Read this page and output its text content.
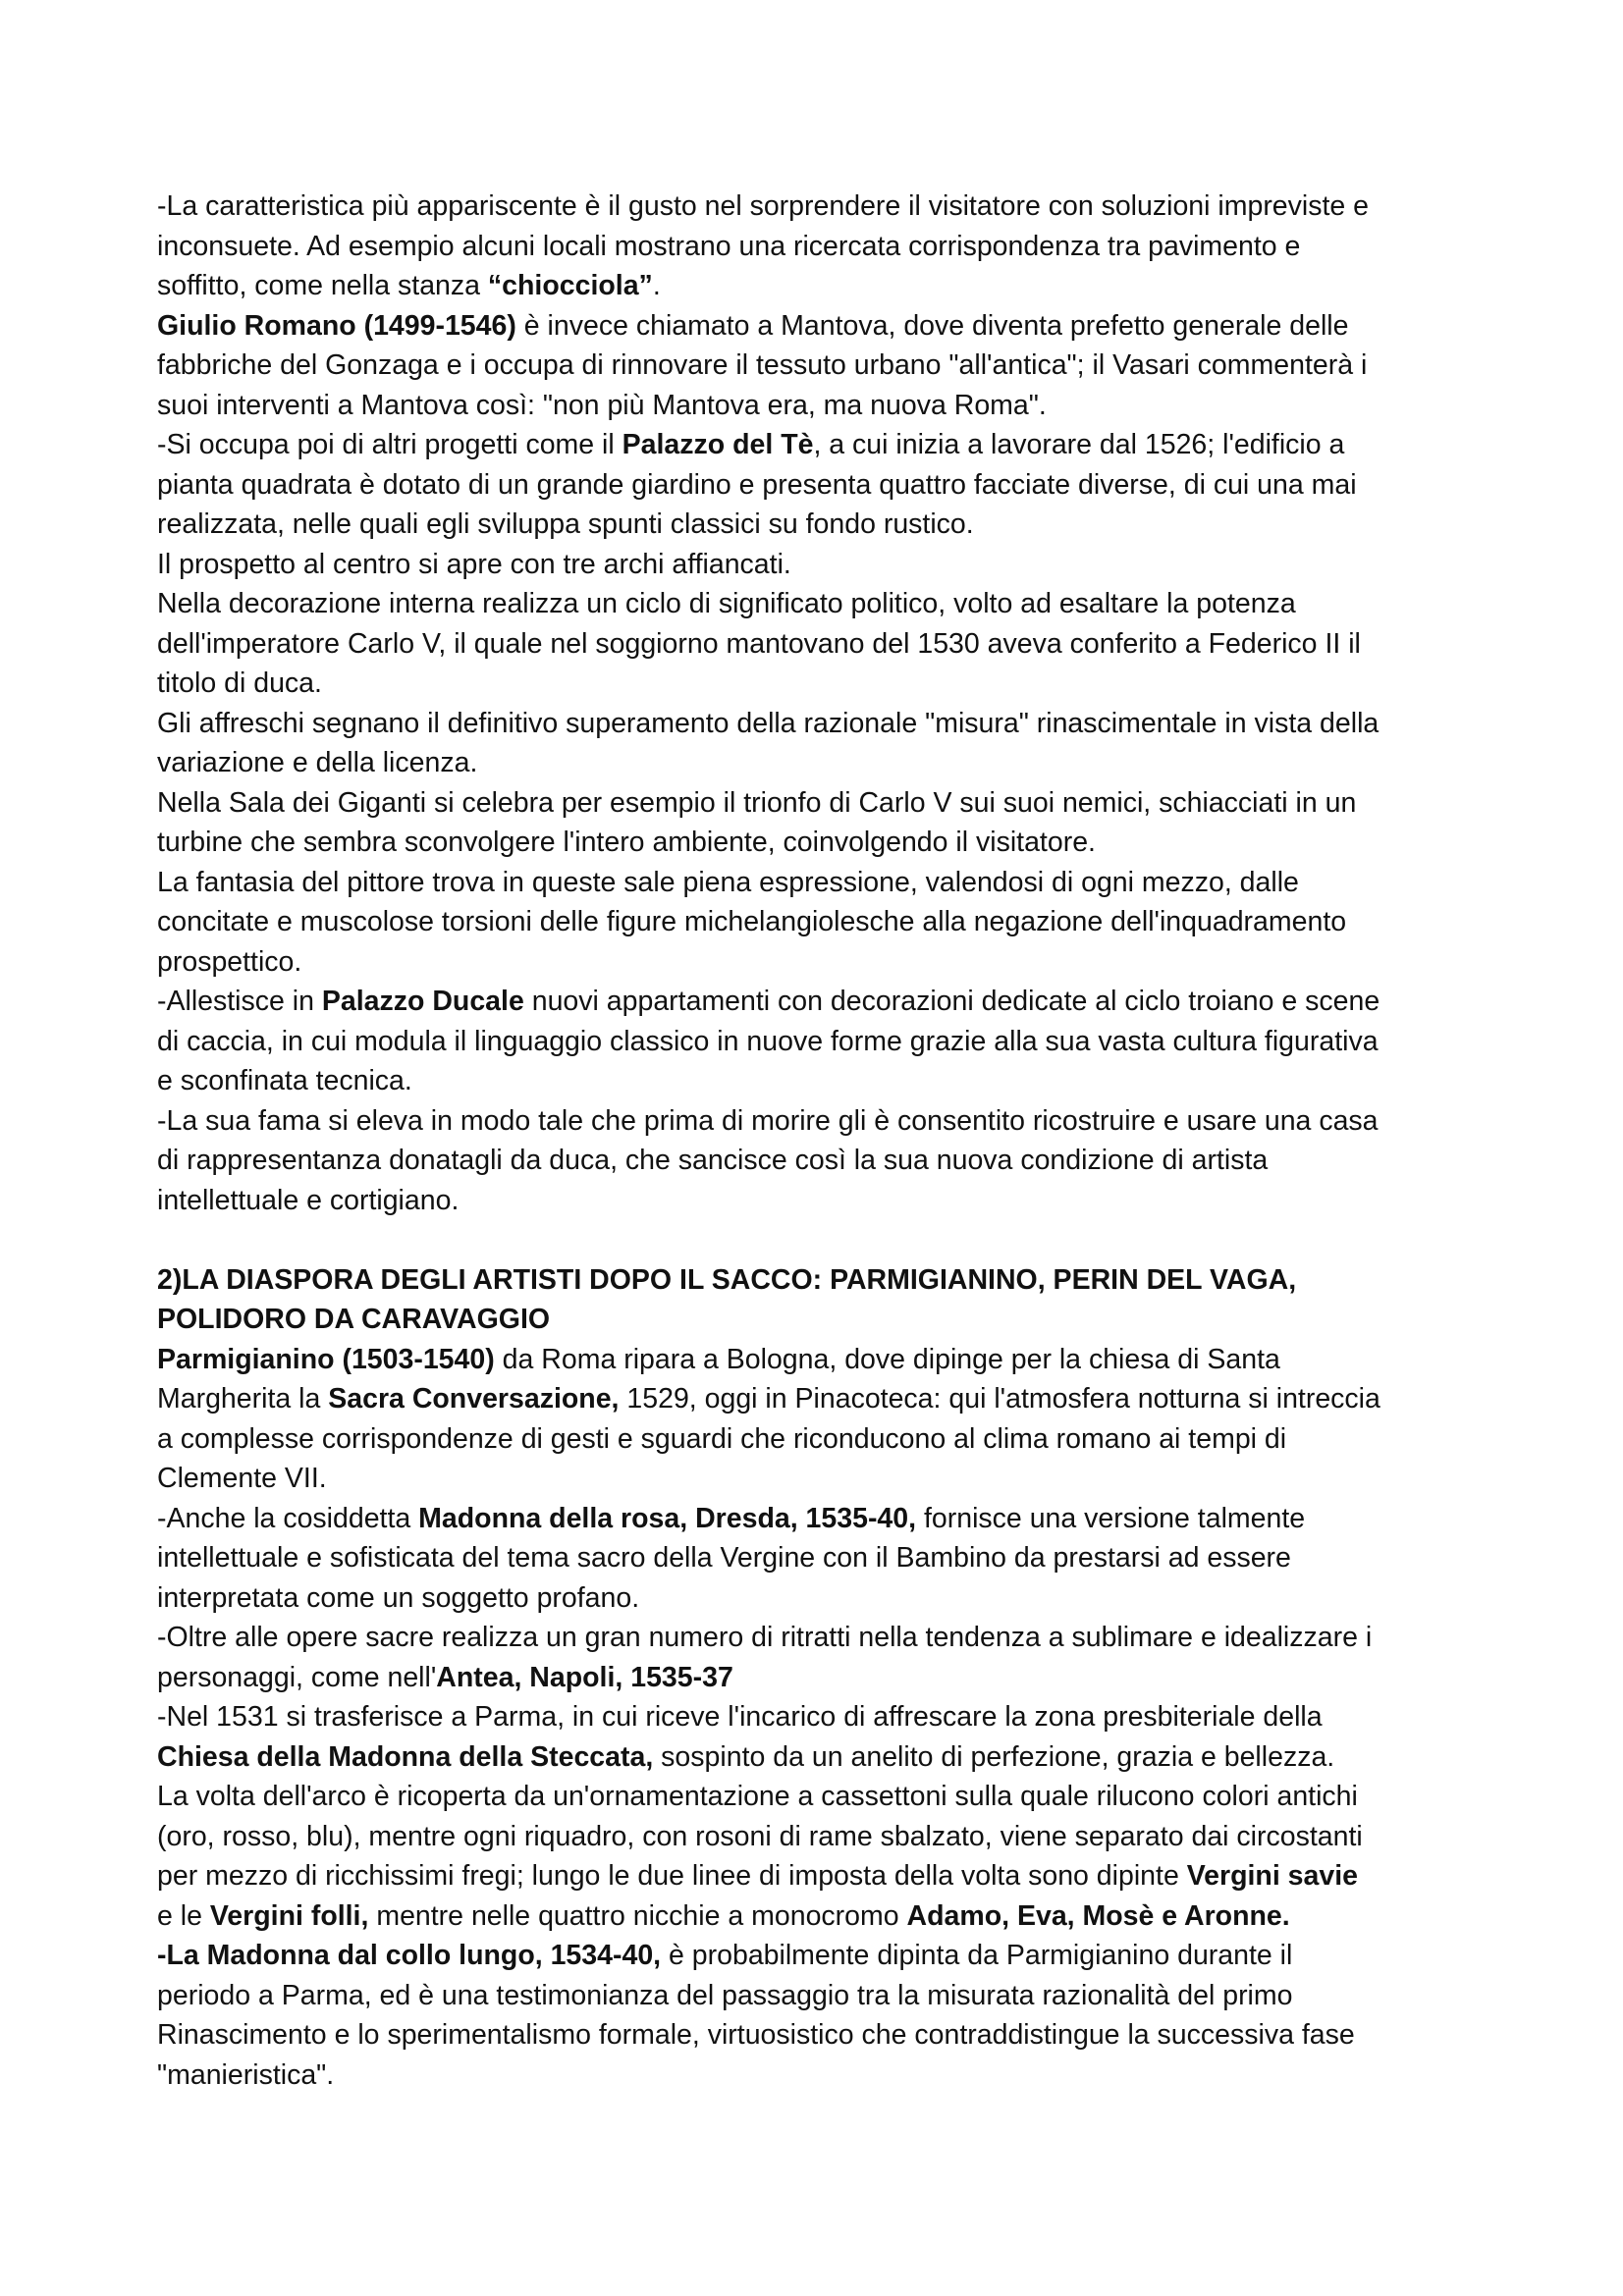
-La caratteristica più appariscente è il gusto nel sorprendere il visitatore con soluzioni impreviste e
inconsuete. Ad esempio alcuni locali mostrano una ricercata corrispondenza tra pavimento e
soffitto, come nella stanza “chiocciola”.
Giulio Romano (1499-1546) è invece chiamato a Mantova, dove diventa prefetto generale delle
fabbriche del Gonzaga e i occupa di rinnovare il tessuto urbano "all'antica"; il Vasari commenterà i
suoi interventi a Mantova così: "non più Mantova era, ma nuova Roma".
-Si occupa poi di altri progetti come il Palazzo del Tè, a cui inizia a lavorare dal 1526; l'edificio a
pianta quadrata è dotato di un grande giardino e presenta quattro facciate diverse, di cui una mai
realizzata, nelle quali egli sviluppa spunti classici su fondo rustico.
Il prospetto al centro si apre con tre archi affiancati.
Nella decorazione interna realizza un ciclo di significato politico, volto ad esaltare la potenza
dell'imperatore Carlo V, il quale nel soggiorno mantovano del 1530 aveva conferito a Federico II il
titolo di duca.
Gli affreschi segnano il definitivo superamento della razionale "misura" rinascimentale in vista della
variazione e della licenza.
Nella Sala dei Giganti si celebra per esempio il trionfo di Carlo V sui suoi nemici, schiacciati in un
turbine che sembra sconvolgere l'intero ambiente, coinvolgendo il visitatore.
La fantasia del pittore trova in queste sale piena espressione, valendosi di ogni mezzo, dalle
concitate e muscolose torsioni delle figure michelangiolesche alla negazione dell'inquadramento
prospettico.
-Allestisce in Palazzo Ducale nuovi appartamenti con decorazioni dedicate al ciclo troiano e scene
di caccia, in cui modula il linguaggio classico in nuove forme grazie alla sua vasta cultura figurativa
e sconfinata tecnica.
-La sua fama si eleva in modo tale che prima di morire gli è consentito ricostruire e usare una casa
di rappresentanza donatagli da duca, che sancisce così la sua nuova condizione di artista
intellettuale e cortigiano.
2)LA DIASPORA DEGLI ARTISTI DOPO IL SACCO: PARMIGIANINO, PERIN DEL VAGA,
POLIDORO DA CARAVAGGIO
Parmigianino (1503-1540) da Roma ripara a Bologna, dove dipinge per la chiesa di Santa
Margherita la Sacra Conversazione, 1529, oggi in Pinacoteca: qui l'atmosfera notturna si intreccia
a complesse corrispondenze di gesti e sguardi che riconducono al clima romano ai tempi di
Clemente VII.
-Anche la cosiddetta Madonna della rosa, Dresda, 1535-40, fornisce una versione talmente
intellettuale e sofisticata del tema sacro della Vergine con il Bambino da prestarsi ad essere
interpretata come un soggetto profano.
-Oltre alle opere sacre realizza un gran numero di ritratti nella tendenza a sublimare e idealizzare i
personaggi, come nell'Antea, Napoli, 1535-37
-Nel 1531 si trasferisce a Parma, in cui riceve l'incarico di affrescare la zona presbiteriale della
Chiesa della Madonna della Steccata, sospinto da un anelito di perfezione, grazia e bellezza.
La volta dell'arco è ricoperta da un'ornamentazione a cassettoni sulla quale rilucono colori antichi
(oro, rosso, blu), mentre ogni riquadro, con rosoni di rame sbalzato, viene separato dai circostanti
per mezzo di ricchissimi fregi; lungo le due linee di imposta della volta sono dipinte Vergini savie
e le Vergini folli, mentre nelle quattro nicchie a monocromo Adamo, Eva, Mosè e Aronne.
-La Madonna dal collo lungo, 1534-40, è probabilmente dipinta da Parmigianino durante il
periodo a Parma, ed è una testimonianza del passaggio tra la misurata razionalità del primo
Rinascimento e lo sperimentalismo formale, virtuosistico che contraddistingue la successiva fase
"manieristica".
